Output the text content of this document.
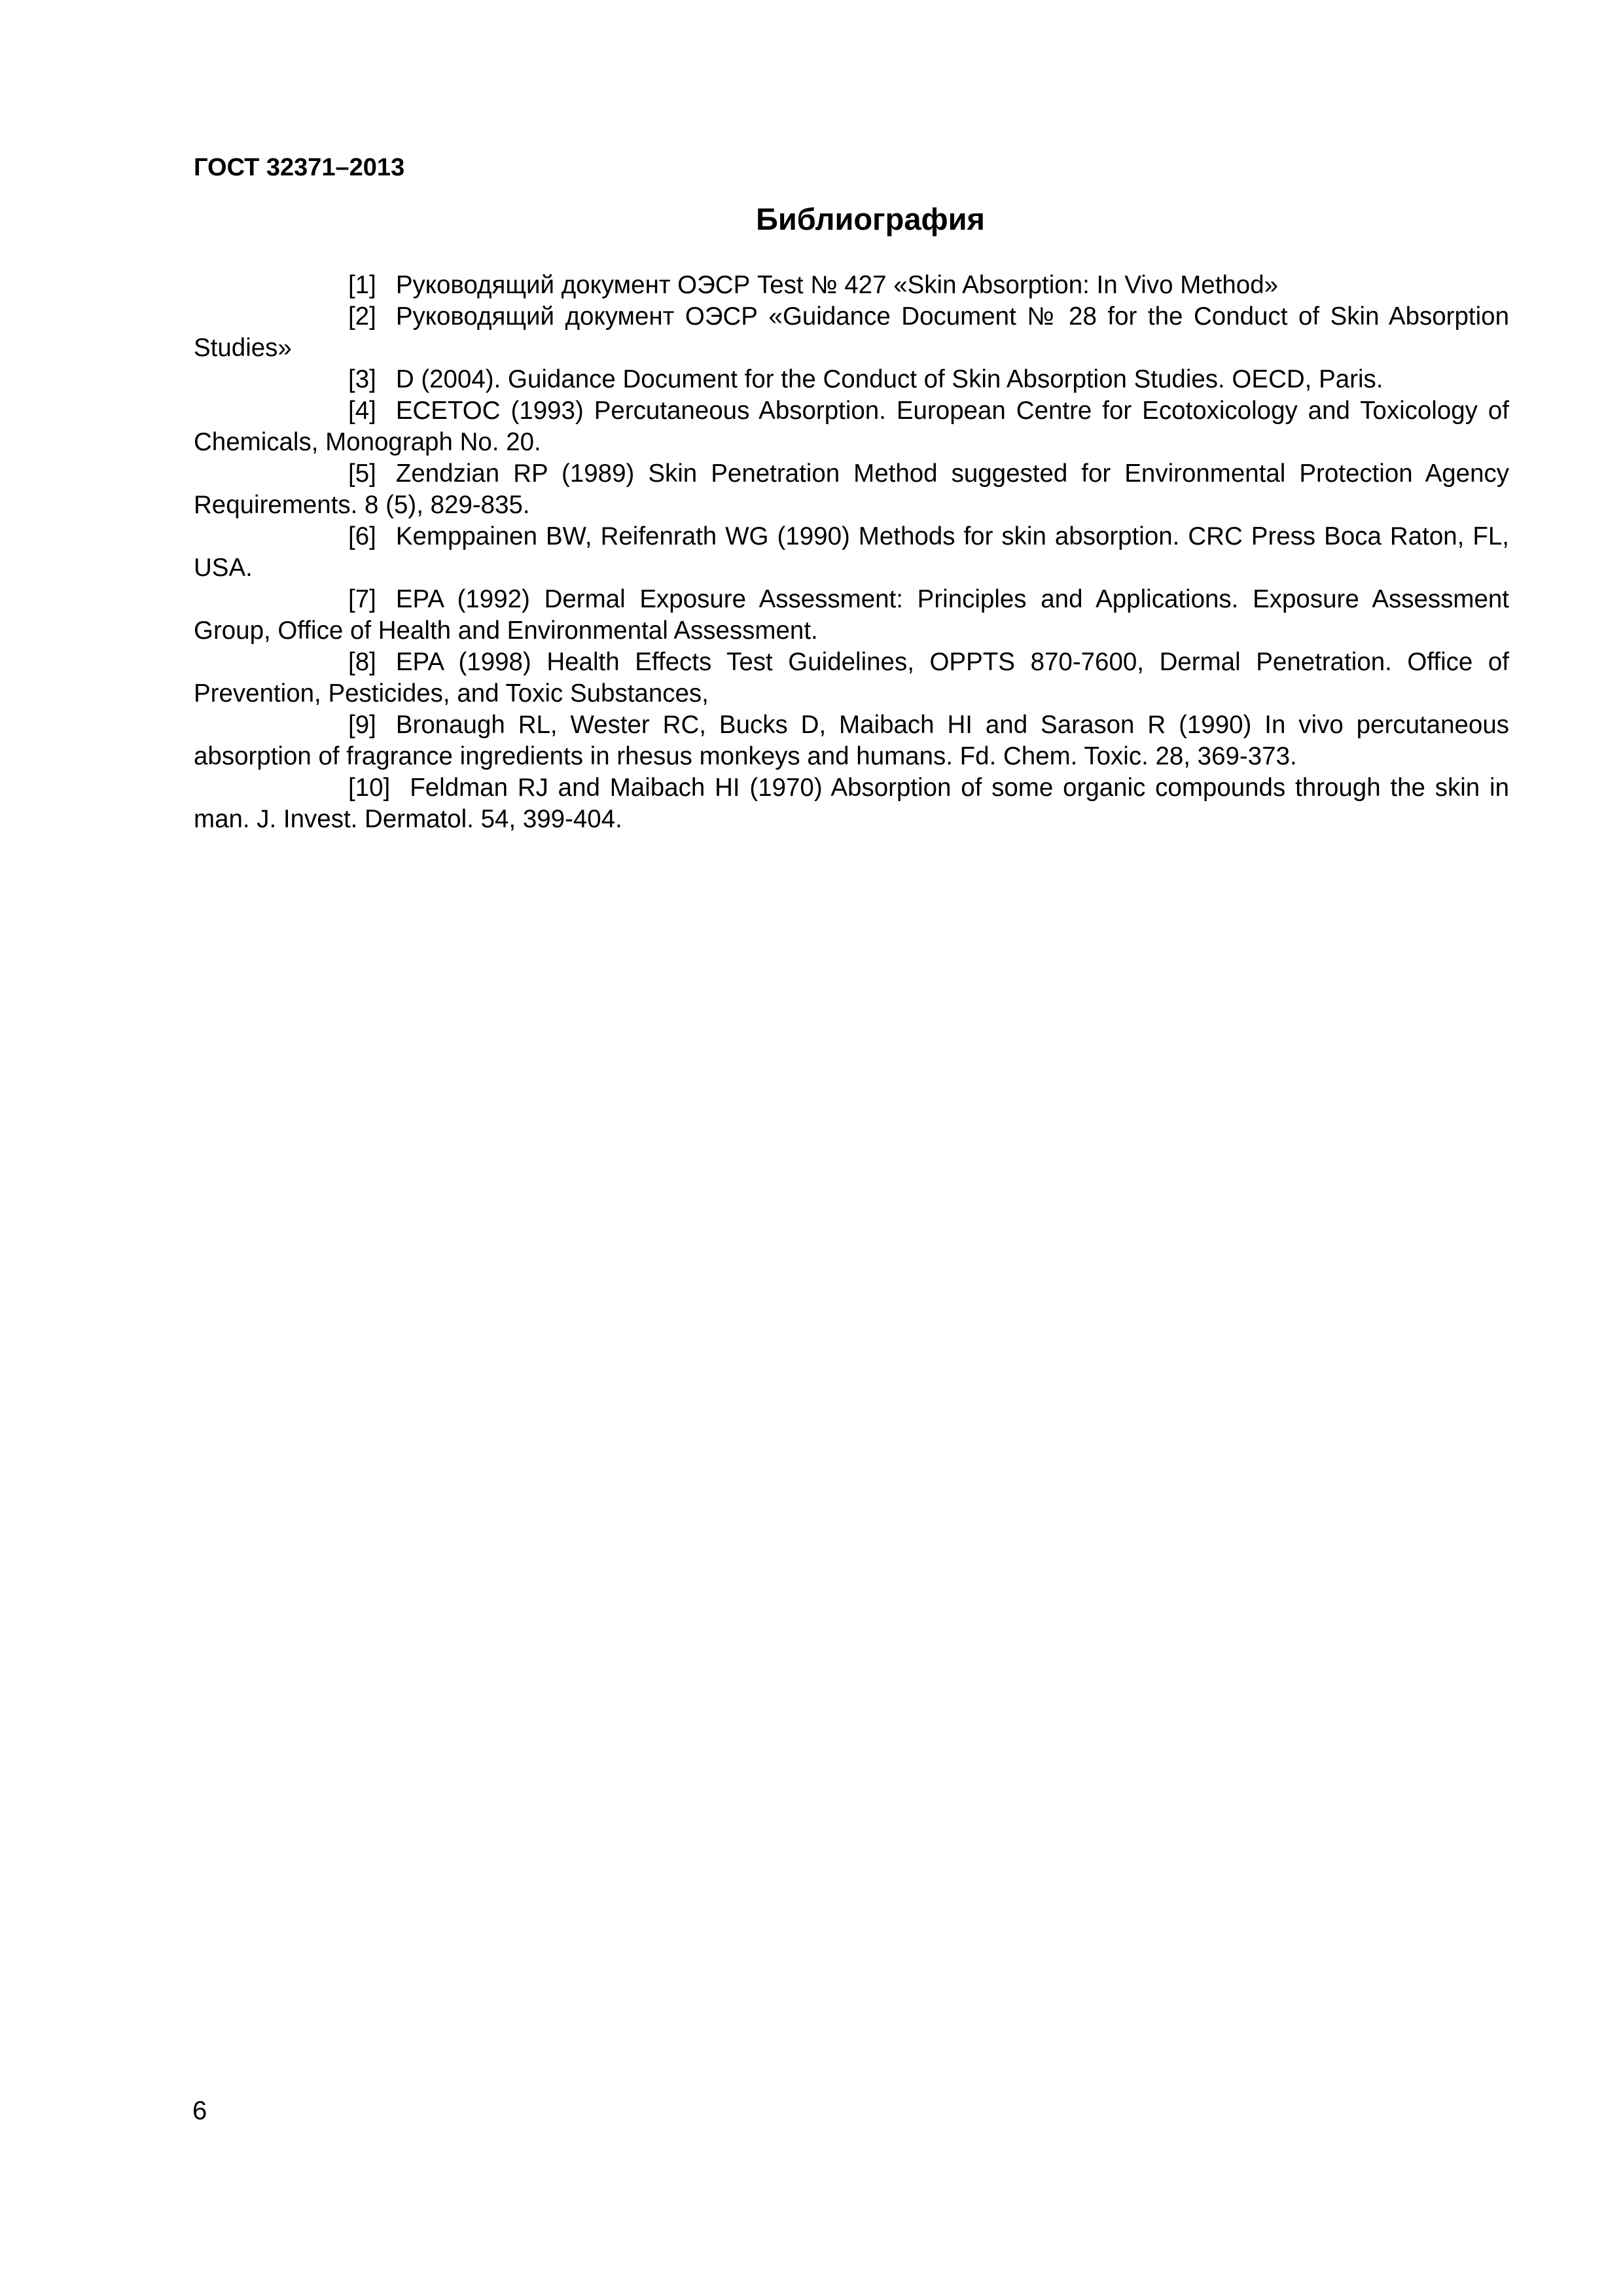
ГОСТ 32371–2013
Библиография
[1] Руководящий документ ОЭСР Test № 427 «Skin Absorption: In Vivo Method»
[2] Руководящий документ ОЭСР «Guidance Document № 28 for the Conduct of Skin Absorption Studies»
[3] D (2004). Guidance Document for the Conduct of Skin Absorption Studies. OECD, Paris.
[4] ECETOC (1993) Percutaneous Absorption. European Centre for Ecotoxicology and Toxicology of Chemicals, Monograph No. 20.
[5] Zendzian RP (1989) Skin Penetration Method suggested for Environmental Protection Agency Requirements. 8 (5), 829-835.
[6] Kemppainen BW, Reifenrath WG (1990) Methods for skin absorption. CRC Press Boca Raton, FL, USA.
[7] EPA (1992) Dermal Exposure Assessment: Principles and Applications. Exposure Assessment Group, Office of Health and Environmental Assessment.
[8] EPA (1998) Health Effects Test Guidelines, OPPTS 870-7600, Dermal Penetration. Office of Prevention, Pesticides, and Toxic Substances,
[9] Bronaugh RL, Wester RC, Bucks D, Maibach HI and Sarason R (1990) In vivo percutaneous absorption of fragrance ingredients in rhesus monkeys and humans. Fd. Chem. Toxic. 28, 369-373.
[10] Feldman RJ and Maibach HI (1970) Absorption of some organic compounds through the skin in man. J. Invest. Dermatol. 54, 399-404.
6
